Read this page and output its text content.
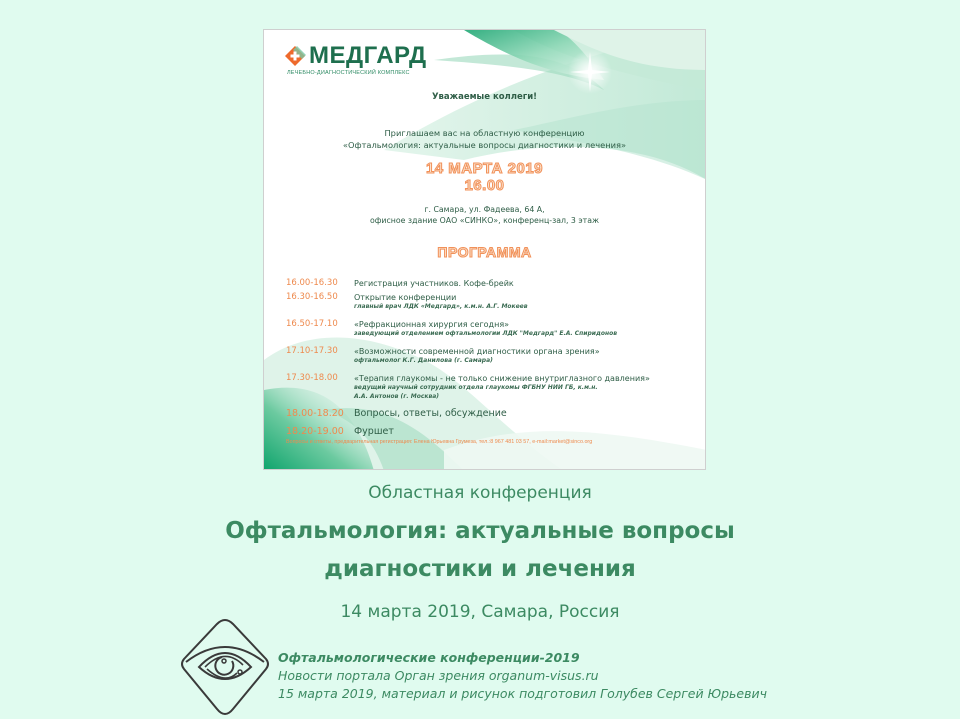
МЕДГАРД
ЛЕЧЕБНО-ДИАГНОСТИЧЕСКИЙ КОМПЛЕКС
Уважаемые коллеги!
Приглашаем вас на областную конференцию
«Офтальмология: актуальные вопросы диагностики и лечения»
14 МАРТА 2019
16.00
г. Самара, ул. Фадеева, 64 А,
офисное здание ОАО «СИНКО», конференц-зал, 3 этаж
ПРОГРАММА
16.00-16.30	Регистрация участников. Кофе-брейк
16.30-16.50	Открытие конференции
главный врач ЛДК «Медгард», к.м.н. А.Г. Мокеев
16.50-17.10	«Рефракционная хирургия сегодня»
заведующий отделением офтальмологии ЛДК "Медгард" Е.А. Спиридонов
17.10-17.30	«Возможности современной диагностики органа зрения»
офтальмолог К.Г. Данилова (г. Самара)
17.30-18.00	«Терапия глаукомы - не только снижение внутриглазного давления»
ведущий научный сотрудник отдела глаукомы ФГБНУ НИИ ГБ, к.м.н.
А.А. Антонов (г. Москва)
18.00-18.20	Вопросы, ответы, обсуждение
18.20-19.00	Фуршет
Вопросы и ответы, предварительная регистрация: Елена Юрьевна Грумеза, тел.:8 967 481 03 57, e-mail:market@sinco.org
Областная конференция
Офтальмология: актуальные вопросы
диагностики и лечения
14 марта 2019, Самара, Россия
Офтальмологические конференции-2019
Новости портала Орган зрения organum-visus.ru
15 марта 2019, материал и рисунок подготовил Голубев Сергей Юрьевич
